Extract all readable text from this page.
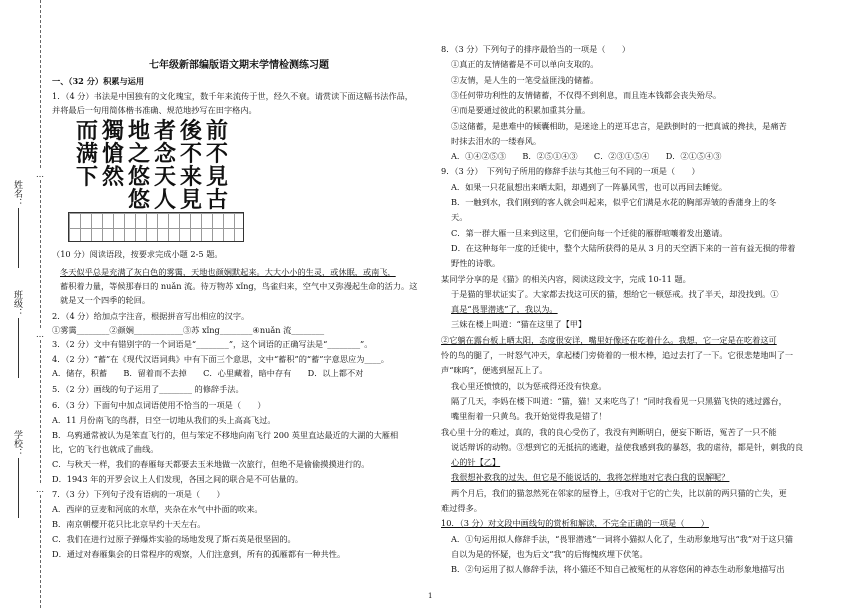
姓名：
班级：
学校：
…
…
…
七年级新部编版语文期末学情检测练习题
一、（32 分）积累与运用
1．（4 分）书法是中国独有的文化瑰宝，数千年来流传于世，经久不衰。请赏读下面这幅书法作品，
并将最后一句用简体楷书准确、规范地抄写在田字格内。
而
满
下
獨
愴
然
地
之
悠
悠
者
念
天
人
後
不
来
見
前
不
見
古
（10 分）阅读语段，按要求完成小题 2-5 题。
冬天似乎总是充满了灰白色的雾霭，天地也颜娴默起来。大大小小的生灵，或休眠，或南飞，
蓄积着力量，等候那春日的 nuǎn 流。待万物苏 xǐng，鸟雀归来，空气中又弥漫起生命的活力。这
就是又一个四季的轮回。
2．（4 分）给加点字注音，根据拼音写出相应的汉字。
①雾霭________②颜娴____________③苏 xǐng________④nuǎn 流________
3．（2 分）文中有错别字的一个词语是“________”，这个词语的正确写法是“________”。
4．（2 分）“蓄”在《现代汉语词典》中有下面三个意思，文中“蓄积”的“蓄”字意思应为____。
A．储存，积蓄　　B．留着而不去掉　　C．心里藏着，暗中存有　　D．以上都不对
5．（2 分）画线的句子运用了________ 的修辞手法。
6．（3 分）下面句中加点词语使用不恰当的一项是（　　）
A．11 月份南飞的鸟群，日空一切地从我们的头上高高飞过。
B．乌鸦通常被认为是笨直飞行的，但与笨定不移地向南飞行 200 英里直达最近的大湖的大雁相
比，它的飞行也就成了曲线。
C．与秋天一样，我们的春雁每天都要去玉米地做一次旅行，但绝不是偷偷摸摸进行的。
D．1943 年的开罗会议上人们发现，各国之间的联合是不可估量的。
7．（3 分）下列句子没有语病的一项是（　　）
A．西岸的豆麦和河底的水草，夹杂在水气中扑面的吹来。
B．南京朝樱开花只比北京早约十天左右。
C．我们在进行过原子弹爆炸实验的场地发现了斯石英是很坚固的。
D．通过对春雁集会的日常程序的观察，人们注意到，所有的孤雁都有一种共性。
8．（3 分）下列句子的排序最恰当的一项是（　　）
①真正的友情储蓄是不可以单向支取的。
②友情，是人生的一笔受益匪浅的储蓄。
③任何带功利性的友情储蓄，不仅得不到利息，而且连本钱都会丧失殆尽。
④而是要通过彼此的积累加重其分量。
⑤这储蓄，是患难中的倾囊相助，是迷途上的逆耳忠言，是跌倒时的一把真诚的搀扶，是痛苦
时抹去泪水的一缕春风。
A．①④②⑤③　　B．②⑤①④③　　C．②③①⑤④　　D．②①⑤④③
9．（3 分）　下列句子所用的修辞手法与其他三句不同的一项是（　　）
A．如果一只花鼠想出来晒太阳，却遇到了一阵暴风雪，也可以再回去睡觉。
B．一触到水，我们刚到的客人就会叫起来，似乎它们满是水花的胸部弄皱的香蒲身上的冬
天。
C．第一群大雁一旦来到这里，它们便向每一个迁徙的雁群喧嚷着发出邀请。
D．在这种每年一度的迁徙中，整个大陆所获得的是从 3 月的天空洒下来的一首有益无损的带着
野性的诗歌。
某同学分享的是《猫》的相关内容，阅读这段文字，完成 10-11 题。
于是猫的罪状证实了。大家都去找这可厌的猫，想给它一顿惩戒。找了半天，却没找到。①
真是“畏罪潜逃”了，我以为。
三妹在楼上叫道：“猫在这里了【甲】
②它躺在露台板上晒太阳，态度很安详，嘴里好像还在吃着什么。我想，它一定是在吃着这可
怜的鸟的腿了，一时怒气冲天，拿起楼门旁倚着的一根木棒，追过去打了一下。它很悲楚地叫了一
声“咪呜”，便逃到屋瓦上了。
我心里还愤愤的，以为惩戒得还没有快意。
隔了几天，李妈在楼下叫道：“猫，猫！又来吃鸟了！”同时我看见一只黑猫飞快的逃过露台，
嘴里衔着一只黄鸟。我开始觉得我是错了！
我心里十分的难过，真的，我的良心受伤了，我没有判断明白，便妄下断语，冤苦了一只不能
说话辩诉的动物。③想到它的无抵抗的逃避，益使我感到我的暴怒，我的虐待，都是针，刺我的良
心的针【乙】
我很想补救我的过失，但它是不能说话的，我将怎样地对它表白我的误解呢？
两个月后，我们的猫忽然死在邻家的屋脊上，④我对于它的亡失，比以前的两只猫的亡失，更
难过得多。
10．（3 分）对文段中画线句的赏析和解读，不完全正确的一项是（　　）
A．①句运用拟人修辞手法，“畏罪潜逃”一词将小猫拟人化了，生动形象地写出“我”对于这只猫
自以为是的怀疑，也为后文“我”的后悔愧疚埋下伏笔。
B．②句运用了拟人修辞手法，将小猫还不知自己被冤枉的从容悠闲的神态生动形象地描写出
1
